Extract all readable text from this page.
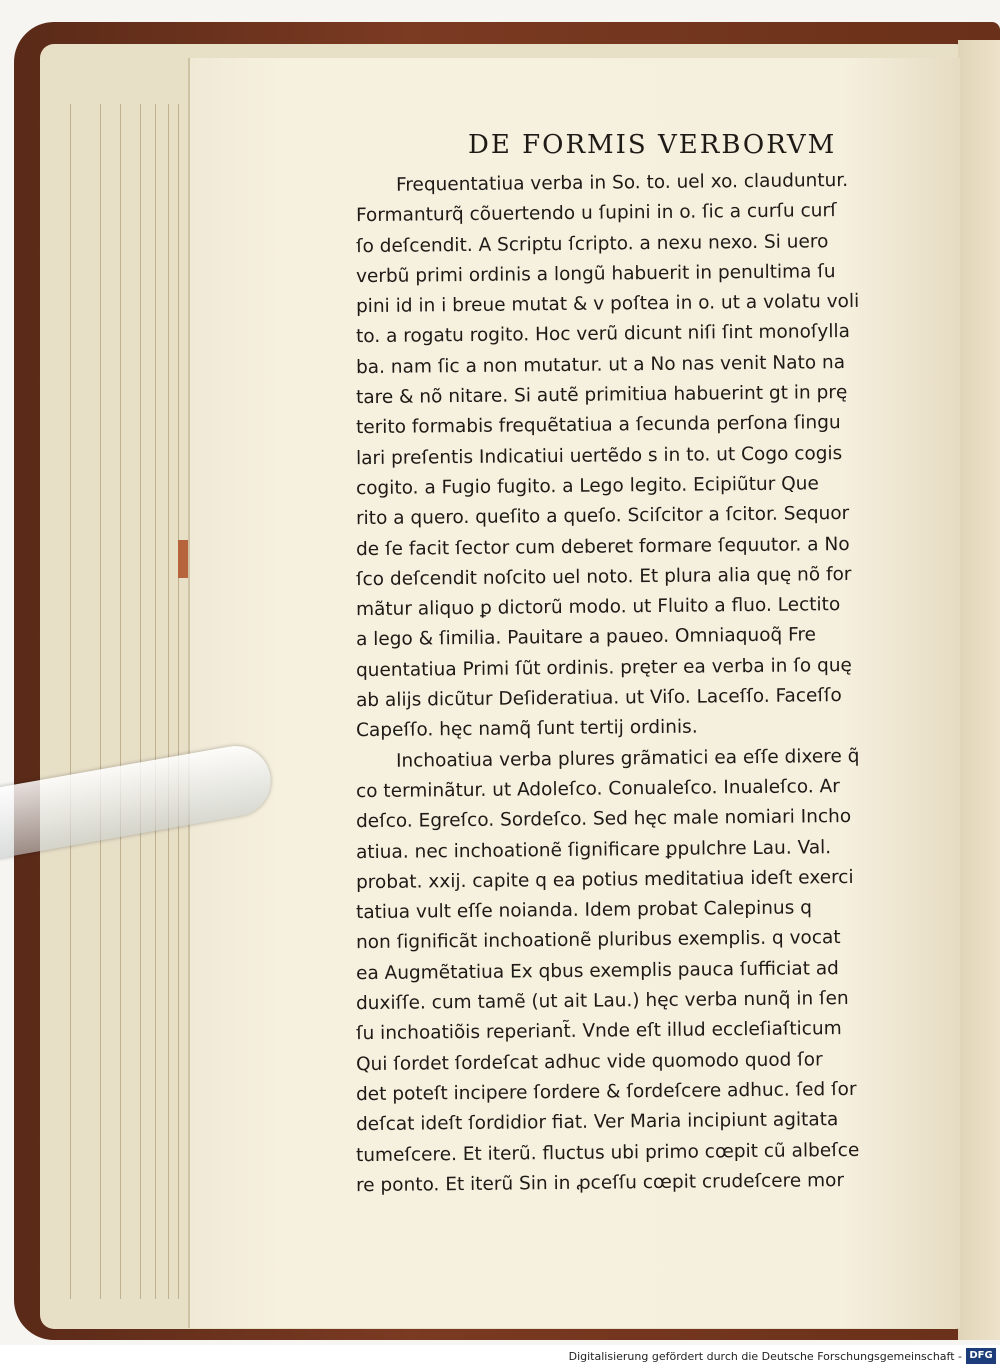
DE FORMIS VERBORVM
Frequentatiua verba in So. to. uel xo. clauduntur.
Formanturq̃ cõuertendo u ſupini in o. ſic a curſu curſ
ſo deſcendit. A Scriptu ſcripto. a nexu nexo. Si uero
verbũ primi ordinis a longũ habuerit in penultima ſu
pini id in i breue mutat & v poſtea in o. ut a volatu voli
to. a rogatu rogito. Hoc verũ dicunt niſi ſint monoſylla
ba. nam ſic a non mutatur. ut a No nas venit Nato na
tare & nõ nitare. Si autẽ primitiua habuerint gt in prę
terito formabis frequẽtatiua a ſecunda perſona ſingu
lari preſentis Indicatiui uertẽdo s in to. ut Cogo cogis
cogito. a Fugio fugito. a Lego legito. Ecipiũtur Que
rito a quero. queſito a queſo. Sciſcitor a ſcitor. Sequor
de ſe facit ſector cum deberet formare ſequutor. a No
ſco deſcendit noſcito uel noto. Et plura alia quę nõ for
mãtur aliquo ꝑ dictorũ modo. ut Fluito a fluo. Lectito
a lego & ſimilia. Pauitare a paueo. Omniaquoq̃ Fre
quentatiua Primi ſũt ordinis. pręter ea verba in ſo quę
ab alijs dicũtur Deſideratiua. ut Viſo. Laceſſo. Faceſſo
Capeſſo. hęc namq̃ ſunt tertij ordinis.
Inchoatiua verba plures grãmatici ea eſſe dixere q̃
co terminãtur. ut Adoleſco. Conualeſco. Inualeſco. Ar
deſco. Egreſco. Sordeſco. Sed hęc male nomiari Incho
atiua. nec inchoationẽ ſignificare ꝑpulchre Lau. Val.
probat. xxij. capite q ea potius meditatiua ideſt exerci
tatiua vult eſſe noianda. Idem probat Calepinus q
non ſignificãt inchoationẽ pluribus exemplis. q vocat
ea Augmẽtatiua Ex qbus exemplis pauca ſufficiat ad
duxiſſe. cum tamẽ (ut ait Lau.) hęc verba nunq̃ in ſen
ſu inchoatiõis reperiant̃. Vnde eſt illud eccleſiaſticum
Qui ſordet ſordeſcat adhuc vide quomodo quod ſor
det poteſt incipere ſordere & ſordeſcere adhuc. ſed ſor
deſcat ideſt ſordidior fiat. Ver Maria incipiunt agitata
tumeſcere. Et iterũ. fluctus ubi primo cœpit cũ albeſce
re ponto. Et iterũ Sin in ꝓceſſu cœpit crudeſcere mor
Digitalisierung gefördert durch die Deutsche Forschungsgemeinschaft - DFG
